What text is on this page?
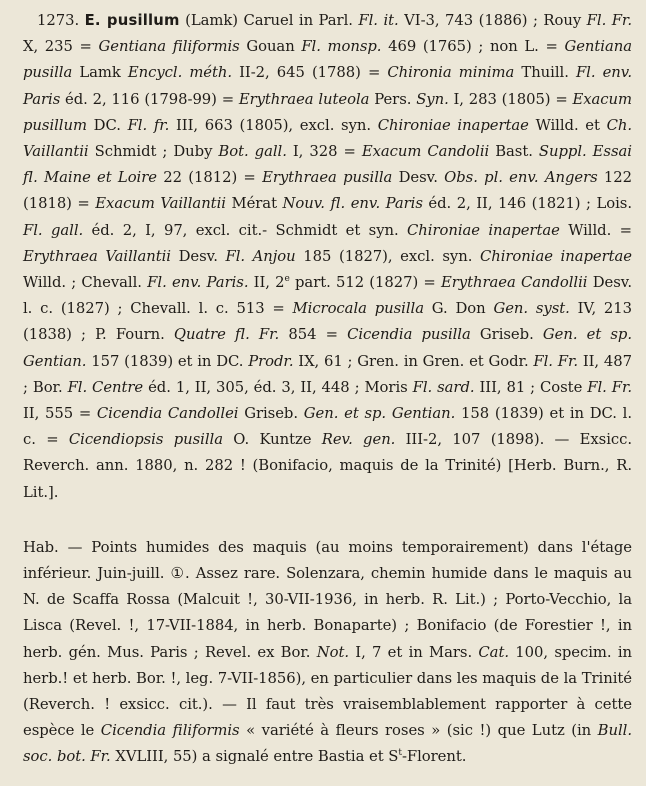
1273. E. pusillum (Lamk) Caruel in Parl. Fl. it. VI-3, 743 (1886) ; Rouy Fl. Fr. X, 235 = Gentiana filiformis Gouan Fl. monsp. 469 (1765) ; non L. = Gentiana pusilla Lamk Encycl. méth. II-2, 645 (1788) = Chironia minima Thuill. Fl. env. Paris éd. 2, 116 (1798-99) = Erythraea luteola Pers. Syn. I, 283 (1805) = Exacum pusillum DC. Fl. fr. III, 663 (1805), excl. syn. Chironiae inapertae Willd. et Ch. Vaillantii Schmidt ; Duby Bot. gall. I, 328 = Exacum Candolii Bast. Suppl. Essai fl. Maine et Loire 22 (1812) = Erythraea pusilla Desv. Obs. pl. env. Angers 122 (1818) = Exacum Vaillantii Mérat Nouv. fl. env. Paris éd. 2, II, 146 (1821) ; Lois. Fl. gall. éd. 2, I, 97, excl. cit.- Schmidt et syn. Chironiae inapertae Willd. = Erythraea Vaillantii Desv. Fl. Anjou 185 (1827), excl. syn. Chironiae inapertae Willd. ; Chevall. Fl. env. Paris. II, 2e part. 512 (1827) = Erythraea Candollii Desv. l. c. (1827) ; Chevall. l. c. 513 = Microcala pusilla G. Don Gen. syst. IV, 213 (1838) ; P. Fourn. Quatre fl. Fr. 854 = Cicendia pusilla Griseb. Gen. et sp. Gentian. 157 (1839) et in DC. Prodr. IX, 61 ; Gren. in Gren. et Godr. Fl. Fr. II, 487 ; Bor. Fl. Centre éd. 1, II, 305, éd. 3, II, 448 ; Moris Fl. sard. III, 81 ; Coste Fl. Fr. II, 555 = Cicendia Candollei Griseb. Gen. et sp. Gentian. 158 (1839) et in DC. l. c. = Cicendiopsis pusilla O. Kuntze Rev. gen. III-2, 107 (1898). — Exsicc. Reverch. ann. 1880, n. 282 ! (Bonifacio, maquis de la Trinité) [Herb. Burn., R. Lit.].

Hab. — Points humides des maquis (au moins temporairement) dans l'étage inférieur. Juin-juill. ①. Assez rare. Solenzara, chemin humide dans le maquis au N. de Scaffa Rossa (Malcuit !, 30-VII-1936, in herb. R. Lit.) ; Porto-Vecchio, la Lisca (Revel. !, 17-VII-1884, in herb. Bonaparte) ; Bonifacio (de Forestier !, in herb. gén. Mus. Paris ; Revel. ex Bor. Not. I, 7 et in Mars. Cat. 100, specim. in herb.! et herb. Bor. !, leg. 7-VII-1856), en particulier dans les maquis de la Trinité (Reverch. ! exsicc. cit.). — Il faut très vraisemblablement rapporter à cette espèce le Cicendia filiformis « variété à fleurs roses » (sic !) que Lutz (in Bull. soc. bot. Fr. XVLIII, 55) a signalé entre Bastia et $S^t$-Florent.
